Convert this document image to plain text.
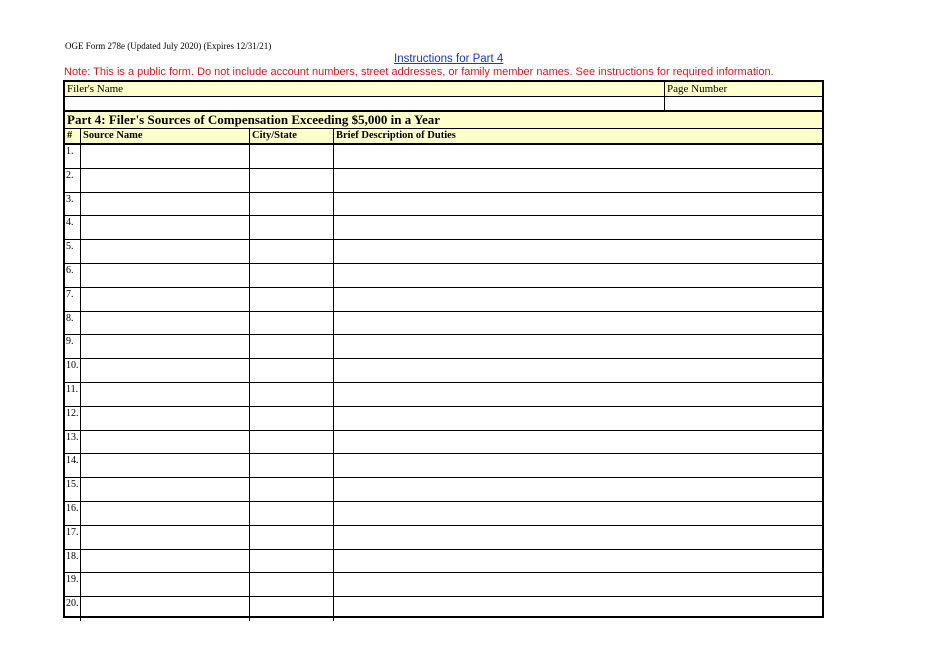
OGE Form 278e (Updated July 2020) (Expires 12/31/21)
Instructions for Part 4
Note: This is a public form. Do not include account numbers, street addresses, or family member names. See instructions for required information.
Filer's Name	Page Number
Part 4: Filer's Sources of Compensation Exceeding $5,000 in a Year
#	Source Name	City/State	Brief Description of Duties
1.
2.
3.
4.
5.
6.
7.
8.
9.
10.
11.
12.
13.
14.
15.
16.
17.
18.
19.
20.
